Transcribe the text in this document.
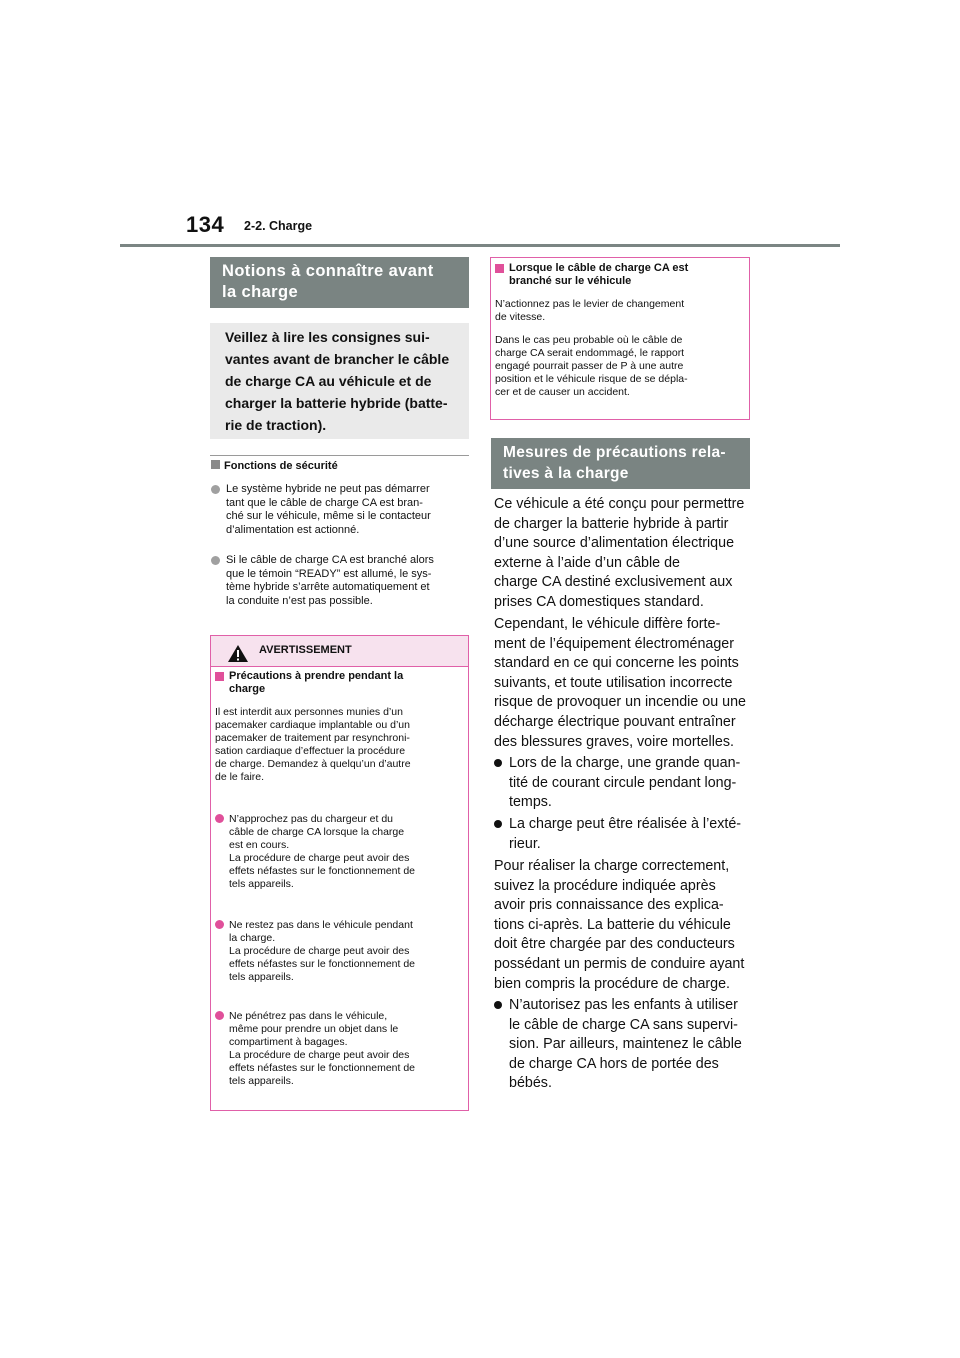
134 2-2. Charge
Notions à connaître avant
la charge
Veillez à lire les consignes sui-
vantes avant de brancher le câble
de charge CA au véhicule et de
charger la batterie hybride (batte-
rie de traction).
Fonctions de sécurité
Le système hybride ne peut pas démarrer
tant que le câble de charge CA est bran-
ché sur le véhicule, même si le contacteur
d’alimentation est actionné.
Si le câble de charge CA est branché alors
que le témoin “READY” est allumé, le sys-
tème hybride s’arrête automatiquement et
la conduite n’est pas possible.
AVERTISSEMENT
Précautions à prendre pendant la
charge
Il est interdit aux personnes munies d’un
pacemaker cardiaque implantable ou d’un
pacemaker de traitement par resynchroni-
sation cardiaque d’effectuer la procédure
de charge. Demandez à quelqu’un d’autre
de le faire.
N’approchez pas du chargeur et du
câble de charge CA lorsque la charge
est en cours.
La procédure de charge peut avoir des
effets néfastes sur le fonctionnement de
tels appareils.
Ne restez pas dans le véhicule pendant
la charge.
La procédure de charge peut avoir des
effets néfastes sur le fonctionnement de
tels appareils.
Ne pénétrez pas dans le véhicule,
même pour prendre un objet dans le
compartiment à bagages.
La procédure de charge peut avoir des
effets néfastes sur le fonctionnement de
tels appareils.
Lorsque le câble de charge CA est
branché sur le véhicule
N’actionnez pas le levier de changement
de vitesse.
Dans le cas peu probable où le câble de
charge CA serait endommagé, le rapport
engagé pourrait passer de P à une autre
position et le véhicule risque de se dépla-
cer et de causer un accident.
Mesures de précautions rela-
tives à la charge
Ce véhicule a été conçu pour permettre
de charger la batterie hybride à partir
d’une source d’alimentation électrique
externe à l’aide d’un câble de
charge CA destiné exclusivement aux
prises CA domestiques standard.
Cependant, le véhicule diffère forte-
ment de l’équipement électroménager
standard en ce qui concerne les points
suivants, et toute utilisation incorrecte
risque de provoquer un incendie ou une
décharge électrique pouvant entraîner
des blessures graves, voire mortelles.
Lors de la charge, une grande quan-
tité de courant circule pendant long-
temps.
La charge peut être réalisée à l’exté-
rieur.
Pour réaliser la charge correctement,
suivez la procédure indiquée après
avoir pris connaissance des explica-
tions ci-après. La batterie du véhicule
doit être chargée par des conducteurs
possédant un permis de conduire ayant
bien compris la procédure de charge.
N’autorisez pas les enfants à utiliser
le câble de charge CA sans supervi-
sion. Par ailleurs, maintenez le câble
de charge CA hors de portée des
bébés.
